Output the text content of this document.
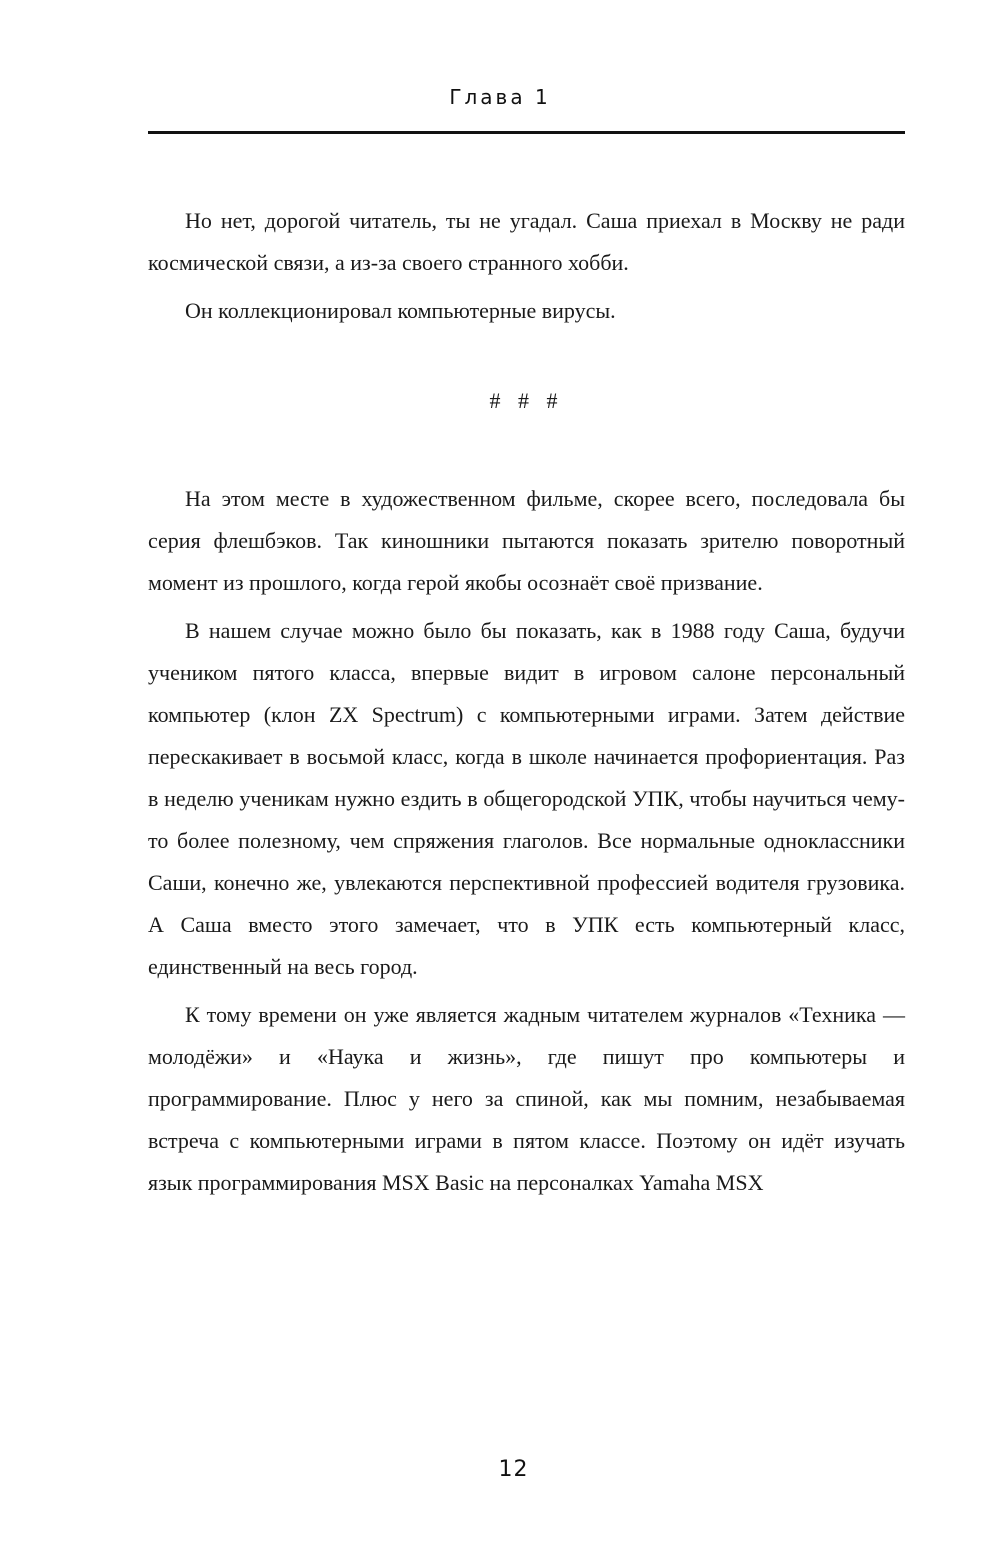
Глава 1

Но нет, дорогой читатель, ты не угадал. Саша приехал в Москву не ради космической связи, а из-за своего странного хобби.

Он коллекционировал компьютерные вирусы.

# # #

На этом месте в художественном фильме, скорее всего, последовала бы серия флешбэков. Так киношники пытаются показать зрителю поворотный момент из прошлого, когда герой якобы осознаёт своё призвание.

В нашем случае можно было бы показать, как в 1988 году Саша, будучи учеником пятого класса, впервые видит в игровом салоне персональный компьютер (клон ZX Spectrum) с компьютерными играми. Затем действие перескакивает в восьмой класс, когда в школе начинается профориентация. Раз в неделю ученикам нужно ездить в общегородской УПК, чтобы научиться чему-то более полезному, чем спряжения глаголов. Все нормальные одноклассники Саши, конечно же, увлекаются перспективной профессией водителя грузовика. А Саша вместо этого замечает, что в УПК есть компьютерный класс, единственный на весь город.

К тому времени он уже является жадным читателем журналов «Техника — молодёжи» и «Наука и жизнь», где пишут про компьютеры и программирование. Плюс у него за спиной, как мы помним, незабываемая встреча с компьютерными играми в пятом классе. Поэтому он идёт изучать язык программирования MSX Basic на персоналках Yamaha MSX

12
